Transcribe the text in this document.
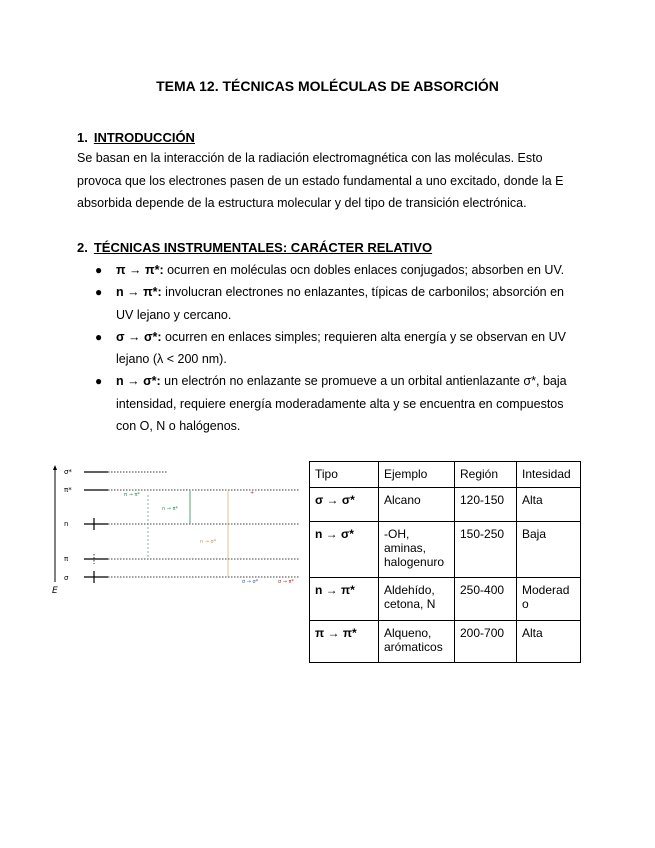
TEMA 12. TÉCNICAS MOLÉCULAS DE ABSORCIÓN
1. INTRODUCCIÓN
Se basan en la interacción de la radiación electromagnética con las moléculas. Esto
provoca que los electrones pasen de un estado fundamental a uno excitado, donde la E
absorbida depende de la estructura molecular y del tipo de transición electrónica.
2. TÉCNICAS INSTRUMENTALES: CARÁCTER RELATIVO
● π → π*: ocurren en moléculas ocn dobles enlaces conjugados; absorben en UV.
● n → π*: involucran electrones no enlazantes, típicas de carbonilos; absorción en
UV lejano y cercano.
● σ → σ*: ocurren en enlaces simples; requieren alta energía y se observan en UV
lejano (λ < 200 nm).
● n → σ*: un electrón no enlazante se promueve a un orbital antienlazante σ*, baja
intensidad, requiere energía moderadamente alta y se encuentra en compuestos
con O, N o halógenos.
E
σ*
π*
n
π
σ
π → π*
n → π*
n → σ*
σ → σ*	σ → π*
+
Tipo	Ejemplo	Región	Intesidad
σ → σ*	Alcano	120-150	Alta
n → σ*	-OH,
aminas,
halogenuro	150-250	Baja
n → π*	Aldehído,
cetona, N	250-400	Moderad
o
π → π*	Alqueno,
arómaticos	200-700	Alta
